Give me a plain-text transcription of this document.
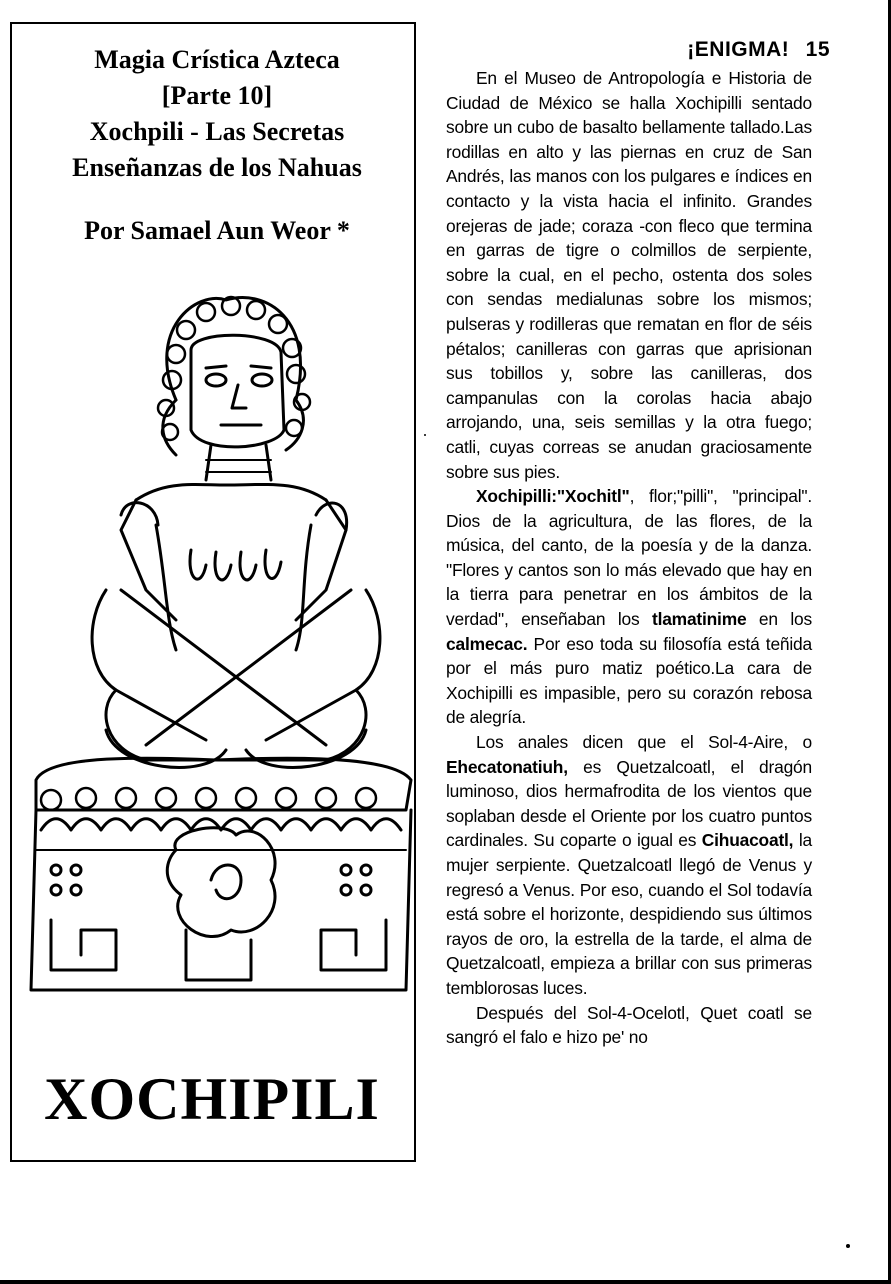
Magia Crística Azteca
[Parte 10]
Xochpili - Las Secretas
Enseñanzas de los Nahuas
Por Samael Aun Weor *
XOCHIPILI
¡ENIGMA! 15

En el Museo de Antropología e Historia de Ciudad de México se halla Xochipilli sentado sobre un cubo de basalto bellamente tallado.Las rodillas en alto y las piernas en cruz de San Andrés, las manos con los pulgares e índices en contacto y la vista hacia el infinito. Grandes orejeras de jade; coraza -con fleco que termina en garras de tigre o colmillos de serpiente, sobre la cual, en el pecho, ostenta dos soles con sendas medialunas sobre los mismos; pulseras y rodilleras que rematan en flor de séis pétalos; canilleras con garras que aprisionan sus tobillos y, sobre las canilleras, dos campanulas con la corolas hacia abajo arrojando, una, seis semillas y la otra fuego; catli, cuyas correas se anudan graciosamente sobre sus pies.

Xochipilli:"Xochitl", flor;"pilli", "principal". Dios de la agricultura, de las flores, de la música, del canto, de la poesía y de la danza. "Flores y cantos son lo más elevado que hay en la tierra para penetrar en los ámbitos de la verdad", enseñaban los tlamatinime en los calmecac. Por eso toda su filosofía está teñida por el más puro matiz poético.La cara de Xochipilli es impasible, pero su corazón rebosa de alegría.

Los anales dicen que el Sol-4-Aire, o Ehecatonatiuh, es Quetzalcoatl, el dragón luminoso, dios hermafrodita de los vientos que soplaban desde el Oriente por los cuatro puntos cardinales. Su coparte o igual es Cihuacoatl, la mujer serpiente. Quetzalcoatl llegó de Venus y regresó a Venus. Por eso, cuando el Sol todavía está sobre el horizonte, despidiendo sus últimos rayos de oro, la estrella de la tarde, el alma de Quetzalcoatl, empieza a brillar con sus primeras temblorosas luces.

Después del Sol-4-Ocelotl, Quet coatl se sangró el falo e hizo pe' no
